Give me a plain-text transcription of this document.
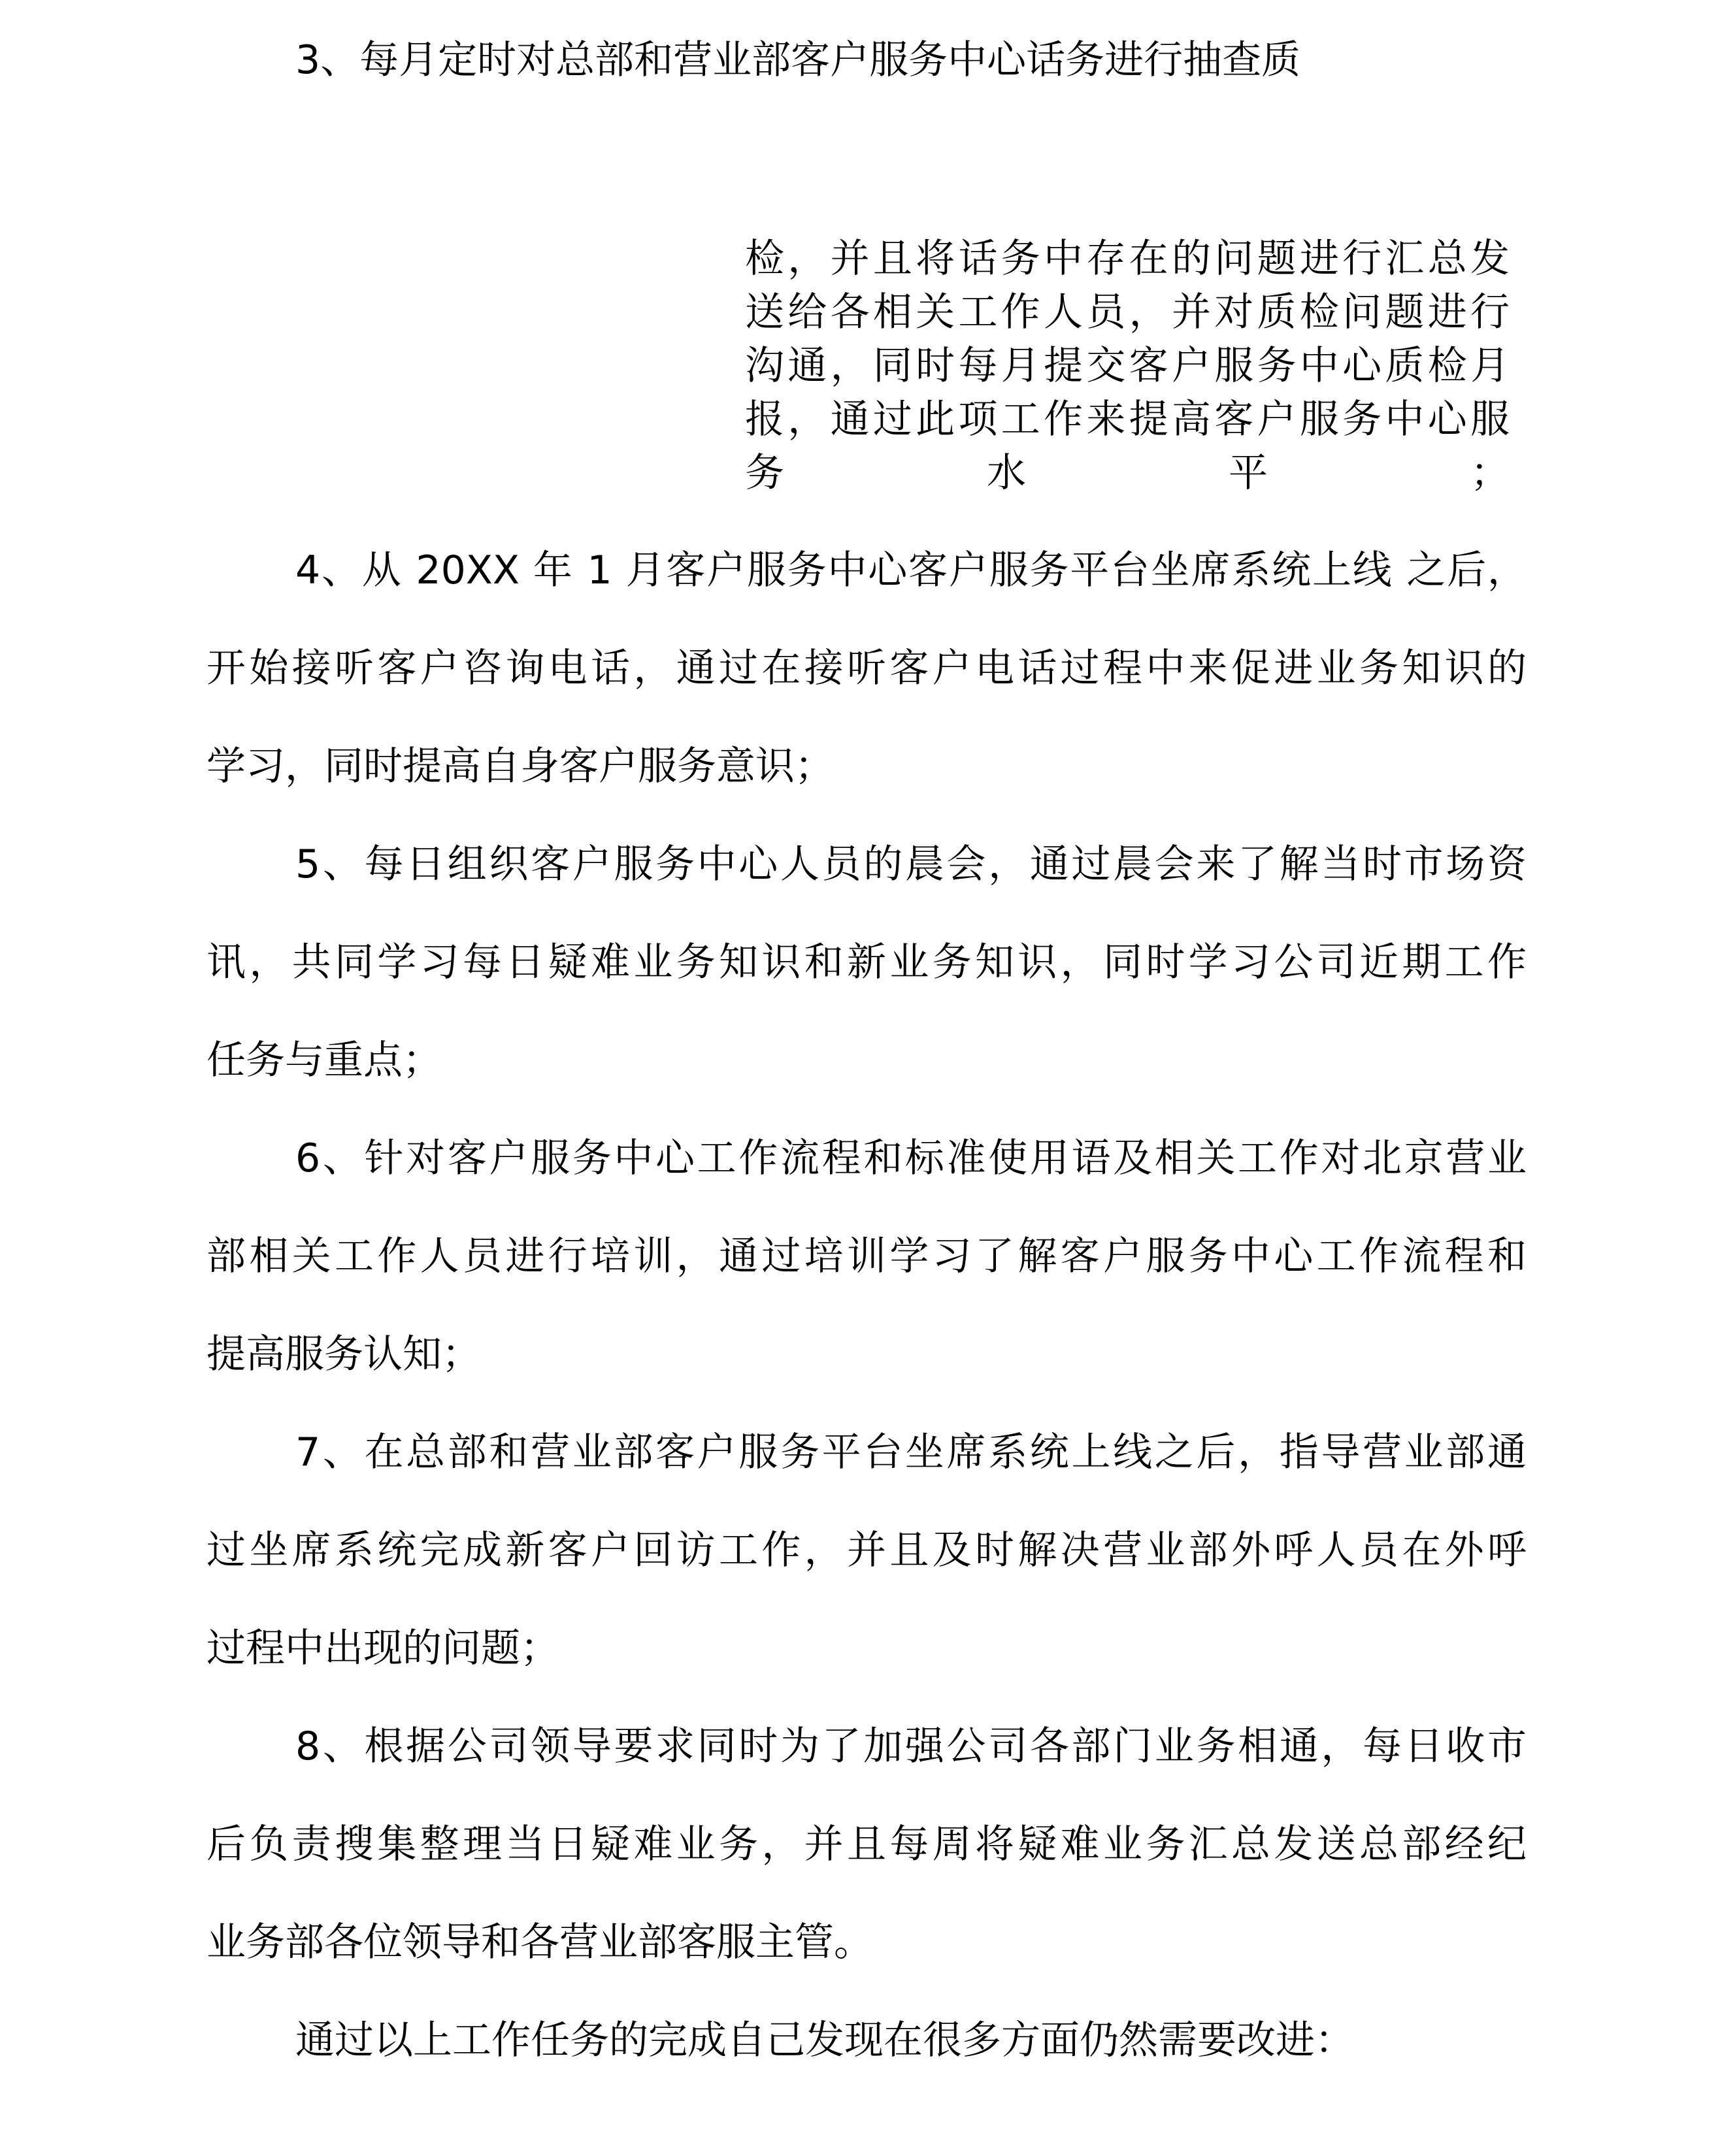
3、每月定时对总部和营业部客户服务中心话务进行抽查质

检，并且将话务中存在的问题进行汇总发

送给各相关工作人员，并对质检问题进行

沟通，同时每月提交客户服务中心质检月

报，通过此项工作来提高客户服务中心服

务水平；

4、从 20XX 年 1 月客户服务中心客户服务平台坐席系统上线 之后，

开始接听客户咨询电话，通过在接听客户电话过程中来促进业务知识的

学习，同时提高自身客户服务意识；

5、每日组织客户服务中心人员的晨会，通过晨会来了解当时市场资

讯，共同学习每日疑难业务知识和新业务知识，同时学习公司近期工作

任务与重点；

6、针对客户服务中心工作流程和标准使用语及相关工作对北京营业

部相关工作人员进行培训，通过培训学习了解客户服务中心工作流程和

提高服务认知；

7、在总部和营业部客户服务平台坐席系统上线之后，指导营业部通

过坐席系统完成新客户回访工作，并且及时解决营业部外呼人员在外呼

过程中出现的问题；

8、根据公司领导要求同时为了加强公司各部门业务相通，每日收市

后负责搜集整理当日疑难业务，并且每周将疑难业务汇总发送总部经纪

业务部各位领导和各营业部客服主管。

通过以上工作任务的完成自己发现在很多方面仍然需要改进：
